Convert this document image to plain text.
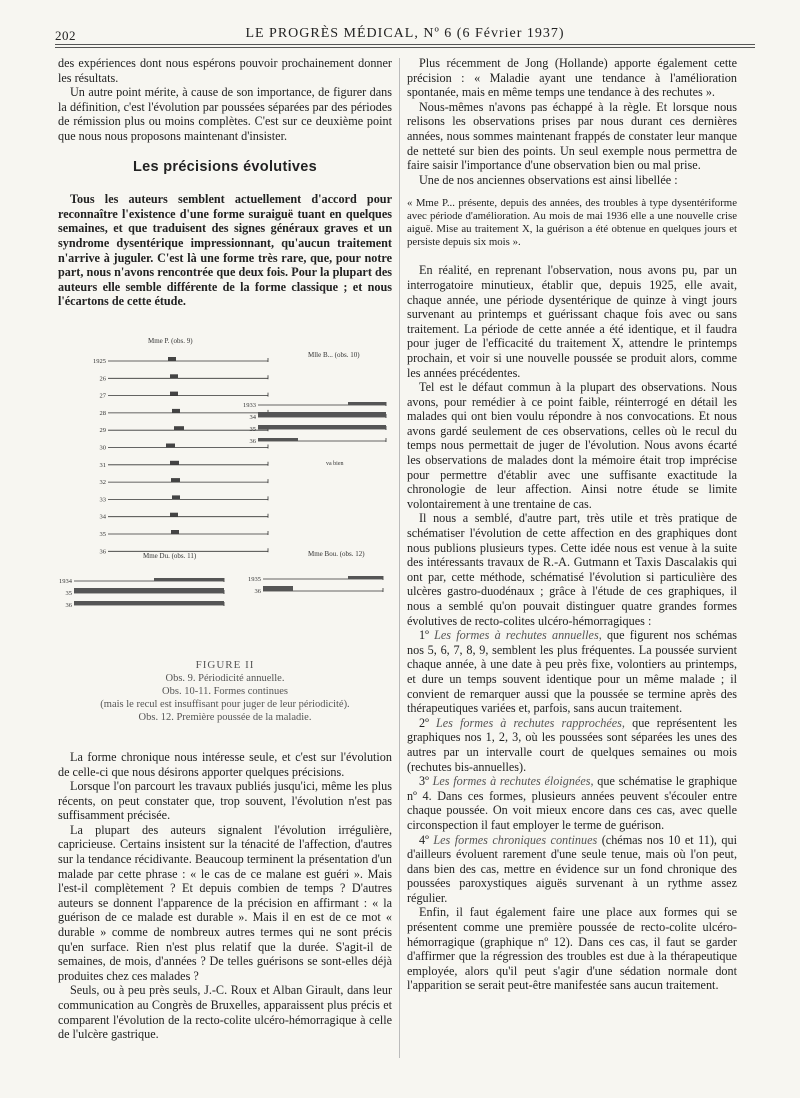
202	LE PROGRÈS MÉDICAL, Nº 6 (6 Février 1937)

des expériences dont nous espérons pouvoir prochainement donner les résultats.

Un autre point mérite, à cause de son importance, de figurer dans la définition, c'est l'évolution par poussées séparées par des périodes de rémission plus ou moins complètes. C'est sur ce deuxième point que nous nous proposons maintenant d'insister.

Les précisions évolutives

Tous les auteurs semblent actuellement d'accord pour reconnaître l'existence d'une forme suraiguë tuant en quelques semaines, et que traduisent des signes généraux graves et un syndrome dysentérique impressionnant, qu'aucun traitement n'arrive à juguler. C'est là une forme très rare, que, pour notre part, nous n'avons rencontrée que deux fois. Pour la plupart des auteurs elle semble différente de la forme classique ; et nous l'écartons de cette étude.

1925
26
27
28
29
30
31
32
33
34
35
36
1933
34
35
36
1934
35
36
1935
36
Mme P. (obs. 9)
Mlle B... (obs. 10)
Mme Du. (obs. 11)	Mme Bou. (obs. 12)
va bien
FIGURE II
Obs. 9. Périodicité annuelle.
Obs. 10-11. Formes continues
(mais le recul est insuffisant pour juger de leur périodicité).
Obs. 12. Première poussée de la maladie.

La forme chronique nous intéresse seule, et c'est sur l'évolution de celle-ci que nous désirons apporter quelques précisions.

Lorsque l'on parcourt les travaux publiés jusqu'ici, même les plus récents, on peut constater que, trop souvent, l'évolution n'est pas suffisamment précisée.

La plupart des auteurs signalent l'évolution irrégulière, capricieuse. Certains insistent sur la ténacité de l'affection, d'autres sur la tendance récidivante. Beaucoup terminent la présentation d'un malade par cette phrase : « le cas de ce malane est guéri ». Mais l'est-il complètement ? Et depuis combien de temps ? D'autres auteurs se donnent l'apparence de la précision en affirmant : « la guérison de ce malade est durable ». Mais il en est de ce mot « durable » comme de nombreux autres termes qui ne sont précis qu'en surface. Rien n'est plus relatif que la durée. S'agit-il de semaines, de mois, d'années ? De telles guérisons se sont-elles déjà produites chez ces malades ?

Seuls, ou à peu près seuls, J.-C. Roux et Alban Girault, dans leur communication au Congrès de Bruxelles, apparaissent plus précis et comparent l'évolution de la recto-colite ulcéro-hémorragique à celle de l'ulcère gastrique.

Plus récemment de Jong (Hollande) apporte également cette précision : « Maladie ayant une tendance à l'amélioration spontanée, mais en même temps une tendance à des rechutes ».

Nous-mêmes n'avons pas échappé à la règle. Et lorsque nous relisons les observations prises par nous durant ces dernières années, nous sommes maintenant frappés de constater leur manque de netteté sur bien des points. Un seul exemple nous permettra de faire saisir l'importance d'une observation bien ou mal prise.

Une de nos anciennes observations est ainsi libellée :

« Mme P... présente, depuis des années, des troubles à type dysentériforme avec période d'amélioration. Au mois de mai 1936 elle a une nouvelle crise aiguë. Mise au traitement X, la guérison a été obtenue en quelques jours et persiste depuis six mois ».

En réalité, en reprenant l'observation, nous avons pu, par un interrogatoire minutieux, établir que, depuis 1925, elle avait, chaque année, une période dysentérique de quinze à vingt jours survenant au printemps et guérissant chaque fois avec ou sans traitement. La période de cette année a été identique, et il faudra pour juger de l'efficacité du traitement X, attendre le printemps prochain, et voir si une nouvelle poussée se produit alors, comme les années précédentes.

Tel est le défaut commun à la plupart des observations. Nous avons, pour remédier à ce point faible, réinterrogé en détail les malades qui ont bien voulu répondre à nos convocations. Et nous avons gardé seulement de ces observations, celles où le recul du temps nous permettait de juger de l'évolution. Nous avons écarté les observations de malades dont la mémoire était trop imprécise pour permettre d'établir avec une suffisante exactitude la chronologie de leur affection. Ainsi notre étude se limite volontairement à une trentaine de cas.

Il nous a semblé, d'autre part, très utile et très pratique de schématiser l'évolution de cette affection en des graphiques dont nous publions plusieurs types. Cette idée nous est venue à la suite des intéressants travaux de R.-A. Gutmann et Taxis Dascalakis qui ont par, cette méthode, schématisé l'évolution si particulière des ulcères gastro-duodénaux ; grâce à l'étude de ces graphiques, il nous a semblé qu'on pouvait distinguer quatre grandes formes évolutives de recto-colites ulcéro-hémorragiques :

1º Les formes à rechutes annuelles, que figurent nos schémas nos 5, 6, 7, 8, 9, semblent les plus fréquentes. La poussée survient chaque année, à une date à peu près fixe, volontiers au printemps, et dure un temps souvent identique pour un même malade ; il convient de remarquer aussi que la poussée se termine après des thérapeutiques variées et, parfois, sans aucun traitement.

2º Les formes à rechutes rapprochées, que représentent les graphiques nos 1, 2, 3, où les poussées sont séparées les unes des autres par un intervalle court de quelques semaines ou mois (rechutes bis-annuelles).

3º Les formes à rechutes éloignées, que schématise le graphique nº 4. Dans ces formes, plusieurs années peuvent s'écouler entre chaque poussée. On voit mieux encore dans ces cas, avec quelle circonspection il faut employer le terme de guérison.

4º Les formes chroniques continues (chémas nos 10 et 11), qui d'ailleurs évoluent rarement d'une seule tenue, mais où l'on peut, dans bien des cas, mettre en évidence sur un fond chronique des poussées paroxystiques aiguës survenant à un rythme assez régulier.

Enfin, il faut également faire une place aux formes qui se présentent comme une première poussée de recto-colite ulcéro-hémorragique (graphique nº 12). Dans ces cas, il faut se garder d'affirmer que la régression des troubles est due à la thérapeutique employée, alors qu'il peut s'agir d'une sédation normale dont l'apparition se serait peut-être manifestée sans aucun traitement.
